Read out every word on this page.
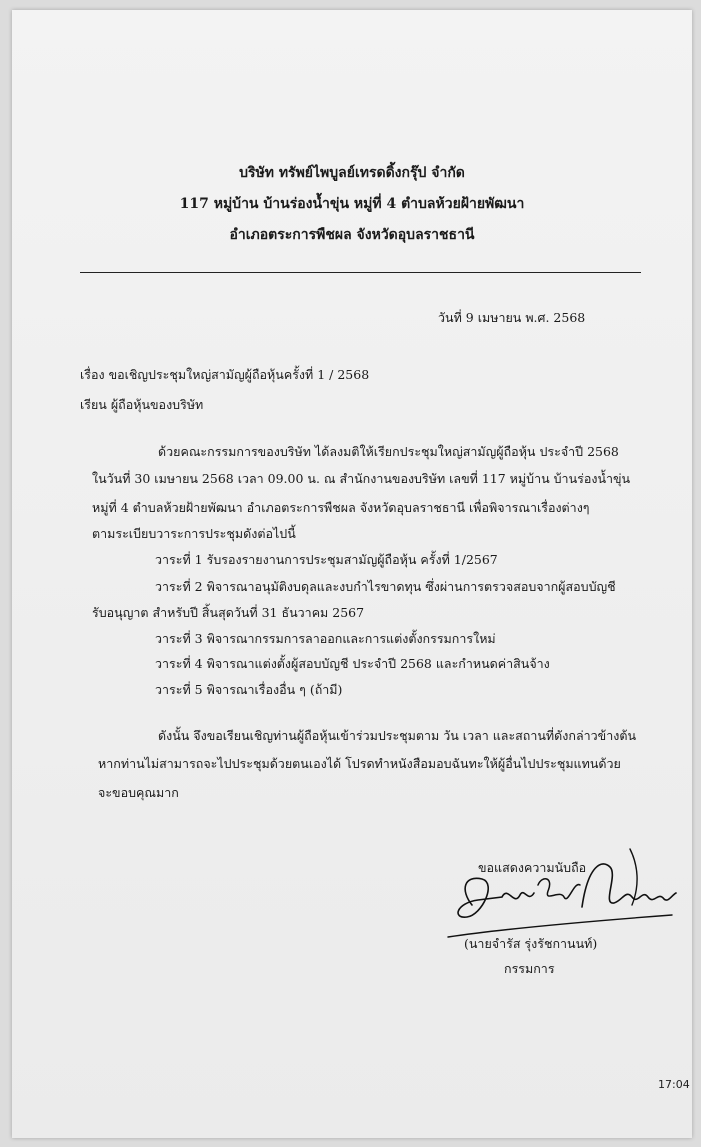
บริษัท ทรัพย์ไพบูลย์เทรดดิ้งกรุ๊ป จำกัด
117 หมู่บ้าน บ้านร่องน้ำขุ่น หมู่ที่ 4 ตำบลห้วยฝ้ายพัฒนา
อำเภอตระการพืชผล จังหวัดอุบลราชธานี
วันที่ 9 เมษายน พ.ศ. 2568
เรื่อง ขอเชิญประชุมใหญ่สามัญผู้ถือหุ้นครั้งที่ 1 / 2568
เรียน ผู้ถือหุ้นของบริษัท
ด้วยคณะกรรมการของบริษัท ได้ลงมติให้เรียกประชุมใหญ่สามัญผู้ถือหุ้น ประจำปี 2568
ในวันที่ 30 เมษายน 2568 เวลา 09.00 น. ณ สำนักงานของบริษัท เลขที่ 117 หมู่บ้าน บ้านร่องน้ำขุ่น
หมู่ที่ 4 ตำบลห้วยฝ้ายพัฒนา อำเภอตระการพืชผล จังหวัดอุบลราชธานี เพื่อพิจารณาเรื่องต่างๆ
ตามระเบียบวาระการประชุมดังต่อไปนี้
วาระที่ 1 รับรองรายงานการประชุมสามัญผู้ถือหุ้น ครั้งที่ 1/2567
วาระที่ 2 พิจารณาอนุมัติงบดุลและงบกำไรขาดทุน ซึ่งผ่านการตรวจสอบจากผู้สอบบัญชี
รับอนุญาต สำหรับปี สิ้นสุดวันที่ 31 ธันวาคม 2567
วาระที่ 3 พิจารณากรรมการลาออกและการแต่งตั้งกรรมการใหม่
วาระที่ 4 พิจารณาแต่งตั้งผู้สอบบัญชี ประจำปี 2568 และกำหนดค่าสินจ้าง
วาระที่ 5 พิจารณาเรื่องอื่น ๆ (ถ้ามี)
ดังนั้น จึงขอเรียนเชิญท่านผู้ถือหุ้นเข้าร่วมประชุมตาม วัน เวลา และสถานที่ดังกล่าวข้างต้น
หากท่านไม่สามารถจะไปประชุมด้วยตนเองได้ โปรดทำหนังสือมอบฉันทะให้ผู้อื่นไปประชุมแทนด้วย
จะขอบคุณมาก
ขอแสดงความนับถือ
(นายจำรัส รุ่งรัชกานนท์)
กรรมการ
17:04
